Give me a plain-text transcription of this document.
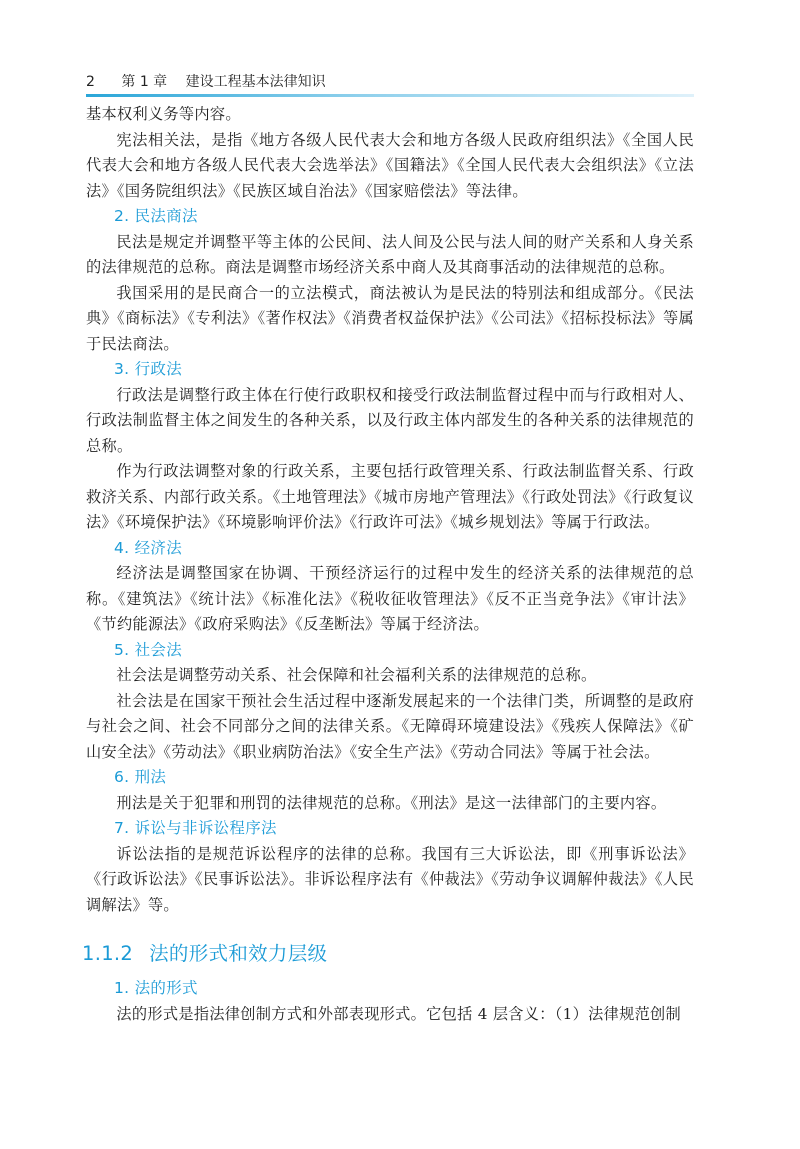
2 第 1 章 建设工程基本法律知识

基本权利义务等内容。

宪法相关法，是指《地方各级人民代表大会和地方各级人民政府组织法》《全国人民代表大会和地方各级人民代表大会选举法》《国籍法》《全国人民代表大会组织法》《立法法》《国务院组织法》《民族区域自治法》《国家赔偿法》等法律。

2. 民法商法

民法是规定并调整平等主体的公民间、法人间及公民与法人间的财产关系和人身关系的法律规范的总称。商法是调整市场经济关系中商人及其商事活动的法律规范的总称。

我国采用的是民商合一的立法模式，商法被认为是民法的特别法和组成部分。《民法典》《商标法》《专利法》《著作权法》《消费者权益保护法》《公司法》《招标投标法》等属于民法商法。

3. 行政法

行政法是调整行政主体在行使行政职权和接受行政法制监督过程中而与行政相对人、行政法制监督主体之间发生的各种关系，以及行政主体内部发生的各种关系的法律规范的总称。

作为行政法调整对象的行政关系，主要包括行政管理关系、行政法制监督关系、行政救济关系、内部行政关系。《土地管理法》《城市房地产管理法》《行政处罚法》《行政复议法》《环境保护法》《环境影响评价法》《行政许可法》《城乡规划法》等属于行政法。

4. 经济法

经济法是调整国家在协调、干预经济运行的过程中发生的经济关系的法律规范的总称。《建筑法》《统计法》《标准化法》《税收征收管理法》《反不正当竞争法》《审计法》《节约能源法》《政府采购法》《反垄断法》等属于经济法。

5. 社会法

社会法是调整劳动关系、社会保障和社会福利关系的法律规范的总称。

社会法是在国家干预社会生活过程中逐渐发展起来的一个法律门类，所调整的是政府与社会之间、社会不同部分之间的法律关系。《无障碍环境建设法》《残疾人保障法》《矿山安全法》《劳动法》《职业病防治法》《安全生产法》《劳动合同法》等属于社会法。

6. 刑法

刑法是关于犯罪和刑罚的法律规范的总称。《刑法》是这一法律部门的主要内容。

7. 诉讼与非诉讼程序法

诉讼法指的是规范诉讼程序的法律的总称。我国有三大诉讼法，即《刑事诉讼法》《行政诉讼法》《民事诉讼法》。非诉讼程序法有《仲裁法》《劳动争议调解仲裁法》《人民调解法》等。

1.1.2 法的形式和效力层级
1. 法的形式

法的形式是指法律创制方式和外部表现形式。它包括 4 层含义：（1）法律规范创制
